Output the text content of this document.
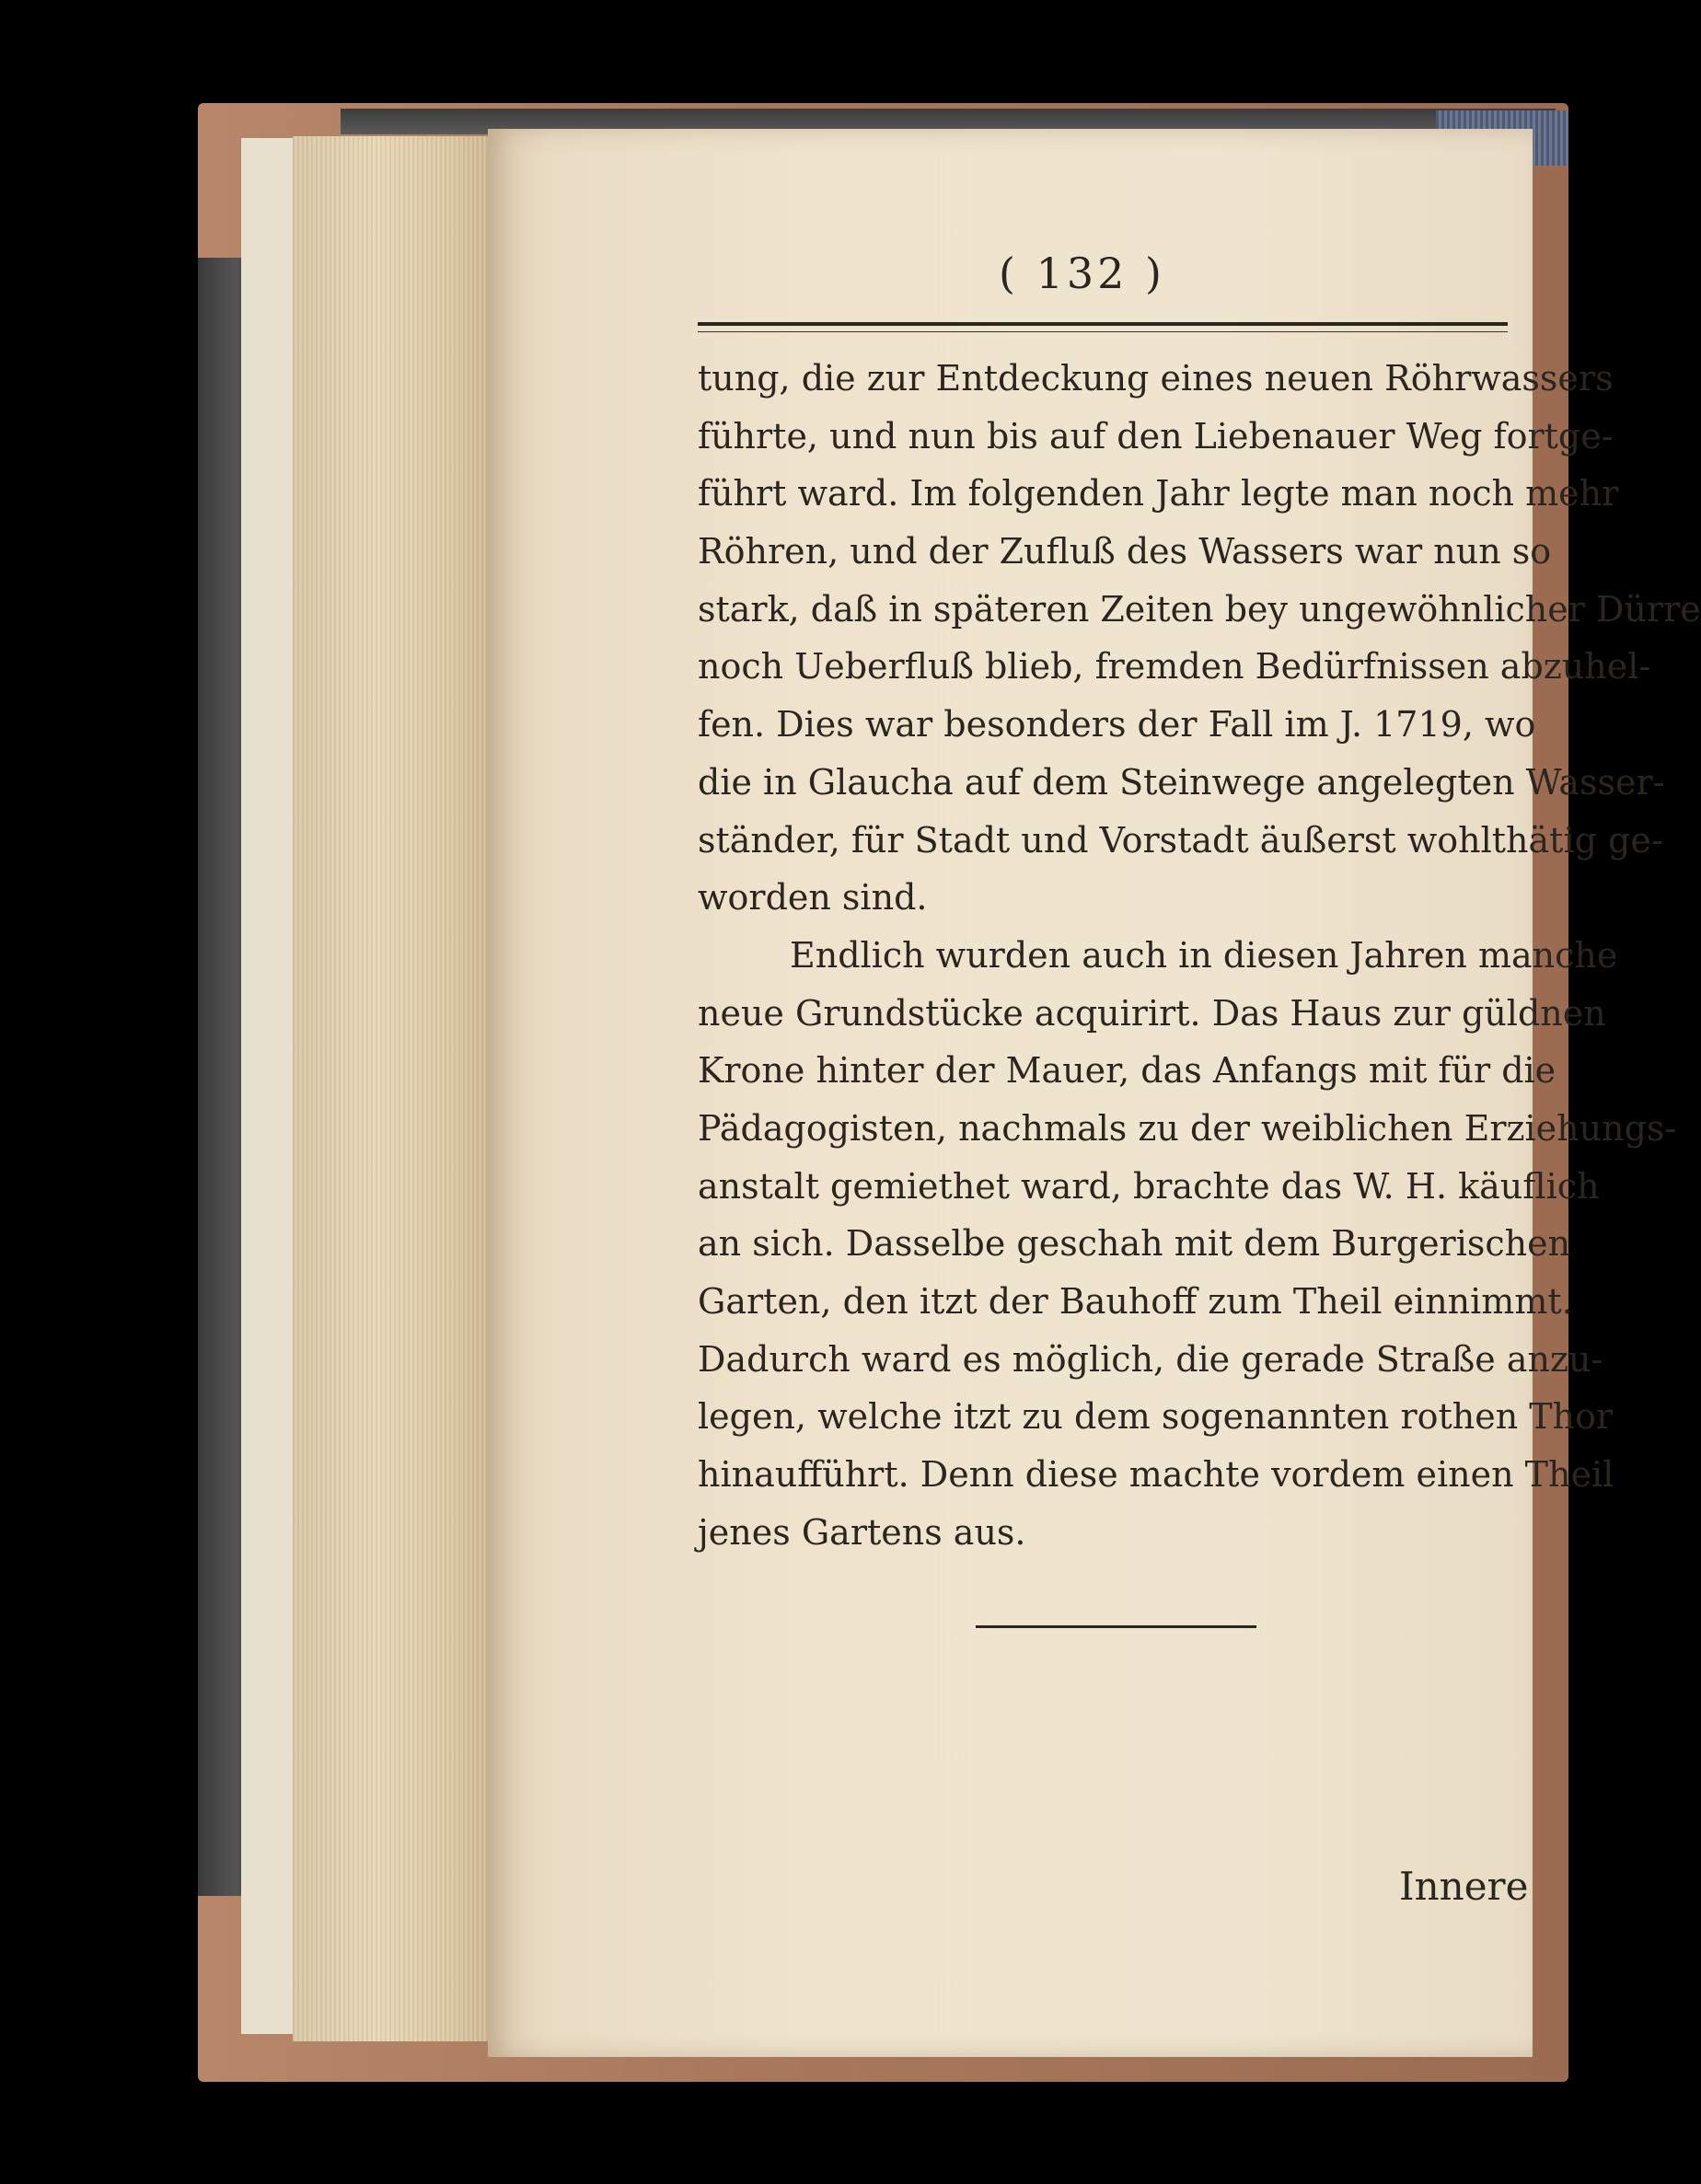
( 132 )
tung, die zur Entdeckung eines neuen Röhrwassers
führte, und nun bis auf den Liebenauer Weg fortge-
führt ward. Im folgenden Jahr legte man noch mehr
Röhren, und der Zufluß des Wassers war nun so
stark, daß in späteren Zeiten bey ungewöhnlicher Dürre
noch Ueberfluß blieb, fremden Bedürfnissen abzuhel-
fen. Dies war besonders der Fall im J. 1719, wo
die in Glaucha auf dem Steinwege angelegten Wasser-
ständer, für Stadt und Vorstadt äußerst wohlthätig ge-
worden sind.
Endlich wurden auch in diesen Jahren manche
neue Grundstücke acquirirt. Das Haus zur güldnen
Krone hinter der Mauer, das Anfangs mit für die
Pädagogisten, nachmals zu der weiblichen Erziehungs-
anstalt gemiethet ward, brachte das W. H. käuflich
an sich. Dasselbe geschah mit dem Burgerischen
Garten, den itzt der Bauhoff zum Theil einnimmt.
Dadurch ward es möglich, die gerade Straße anzu-
legen, welche itzt zu dem sogenannten rothen Thor
hinaufführt. Denn diese machte vordem einen Theil
jenes Gartens aus.
Innere
